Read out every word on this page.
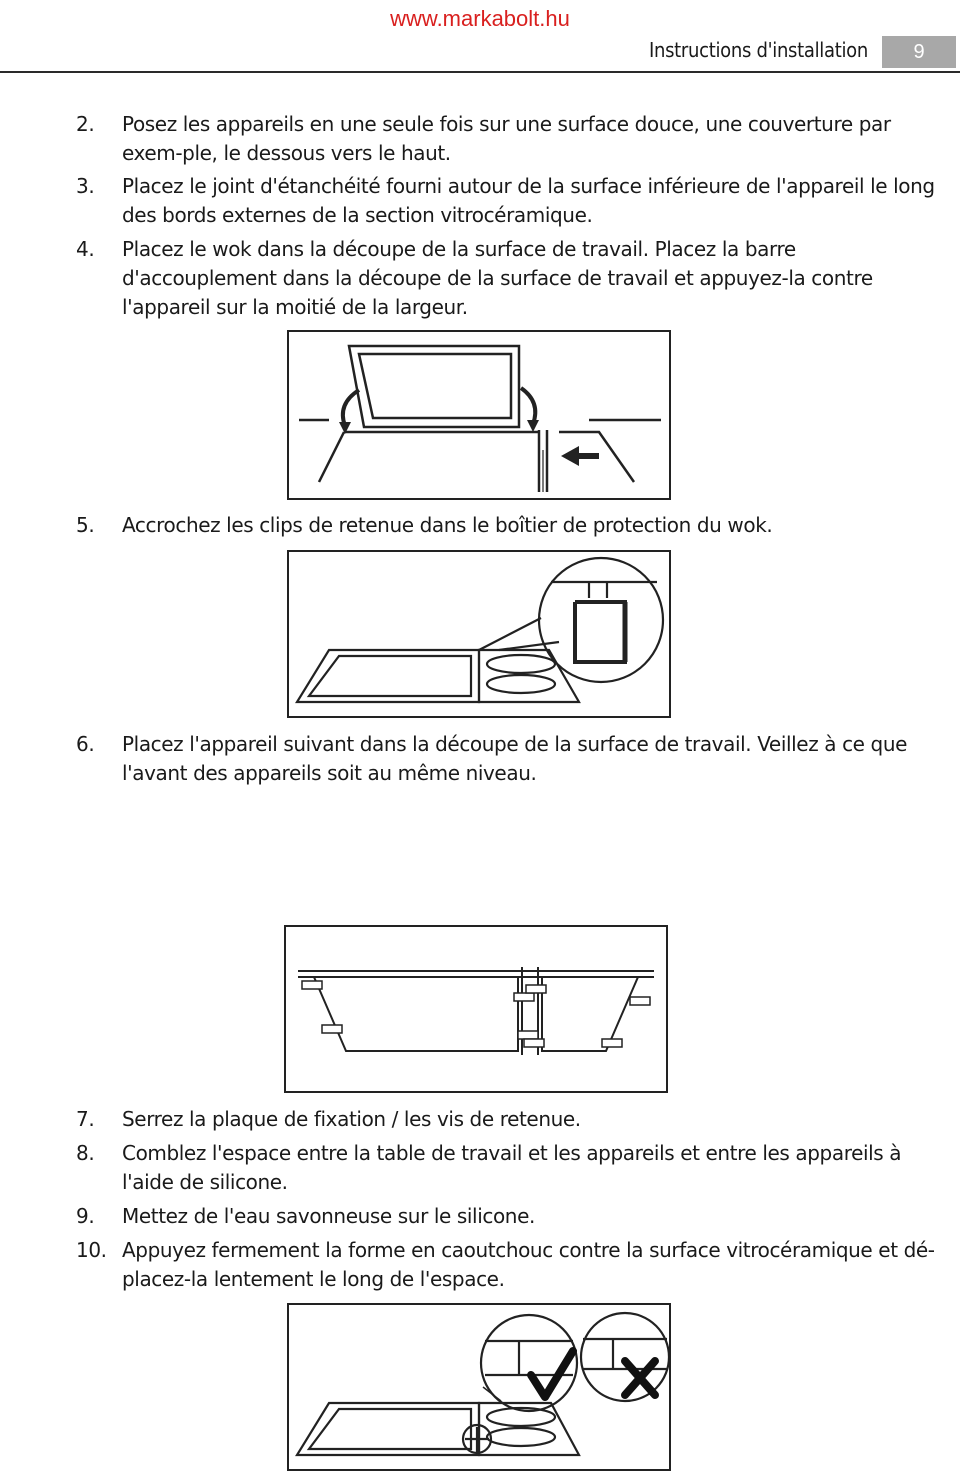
www.markabolt.hu
Instructions d'installation	9
2.	Posez les appareils en une seule fois sur une surface douce, une couverture par exem-ple, le dessous vers le haut.
3.	Placez le joint d'étanchéité fourni autour de la surface inférieure de l'appareil le long des bords externes de la section vitrocéramique.
4.	Placez le wok dans la découpe de la surface de travail. Placez la barre d'accouplement dans la découpe de la surface de travail et appuyez-la contre l'appareil sur la moitié de la largeur.
5.	Accrochez les clips de retenue dans le boîtier de protection du wok.
6.	Placez l'appareil suivant dans la découpe de la surface de travail. Veillez à ce que l'avant des appareils soit au même niveau.
7.	Serrez la plaque de fixation / les vis de retenue.
8.	Comblez l'espace entre la table de travail et les appareils et entre les appareils à l'aide de silicone.
9.	Mettez de l'eau savonneuse sur le silicone.
10. Appuyez fermement la forme en caoutchouc contre la surface vitrocéramique et dé-placez-la lentement le long de l'espace.
